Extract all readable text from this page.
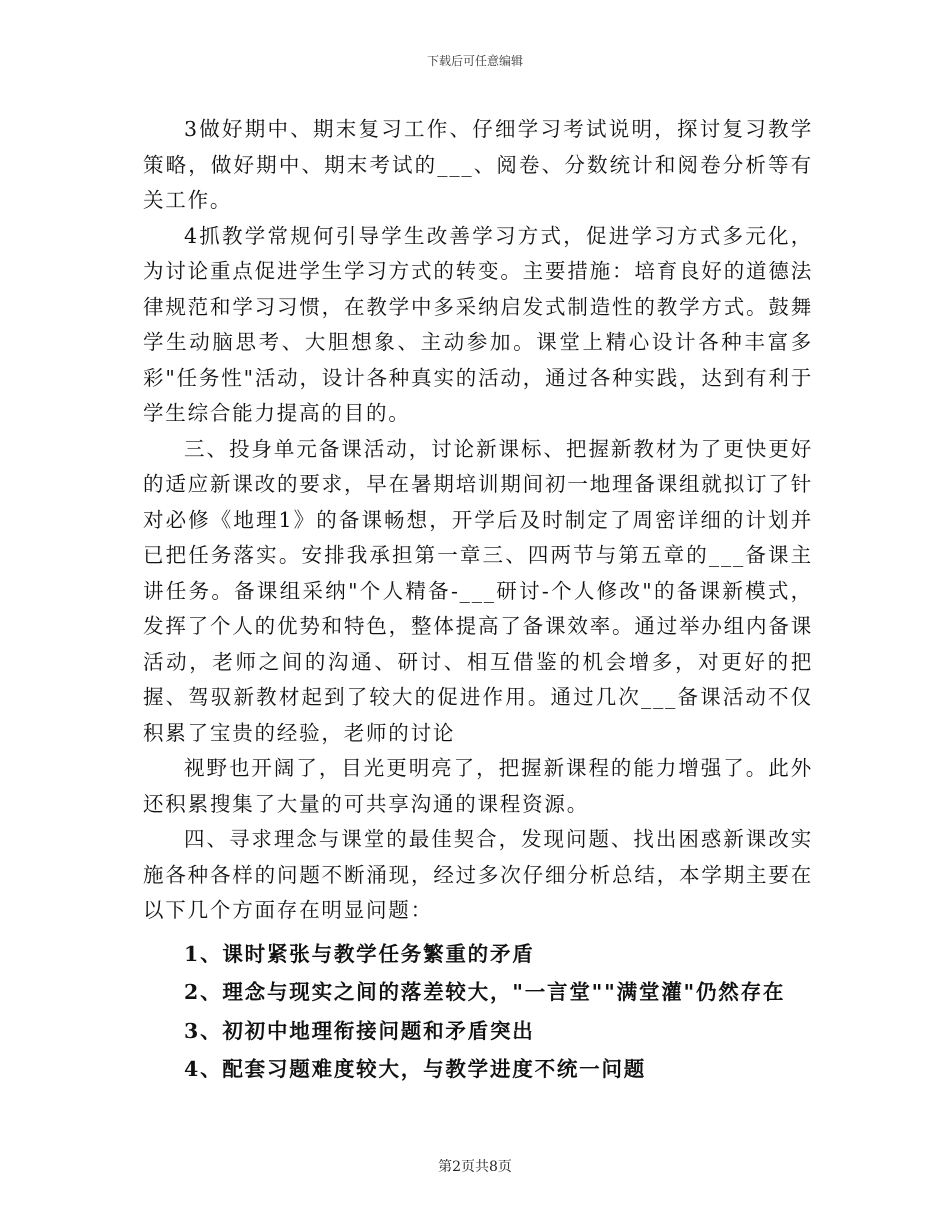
下载后可任意编辑

3做好期中、期末复习工作、仔细学习考试说明，探讨复习教学策略，做好期中、期末考试的___、阅卷、分数统计和阅卷分析等有关工作。

4抓教学常规何引导学生改善学习方式，促进学习方式多元化，为讨论重点促进学生学习方式的转变。主要措施：培育良好的道德法律规范和学习习惯，在教学中多采纳启发式制造性的教学方式。鼓舞学生动脑思考、大胆想象、主动参加。课堂上精心设计各种丰富多彩"任务性"活动，设计各种真实的活动，通过各种实践，达到有利于学生综合能力提高的目的。

三、投身单元备课活动，讨论新课标、把握新教材为了更快更好的适应新课改的要求，早在暑期培训期间初一地理备课组就拟订了针对必修《地理1》的备课畅想，开学后及时制定了周密详细的计划并已把任务落实。安排我承担第一章三、四两节与第五章的___备课主讲任务。备课组采纳"个人精备-___研讨-个人修改"的备课新模式，发挥了个人的优势和特色，整体提高了备课效率。通过举办组内备课活动，老师之间的沟通、研讨、相互借鉴的机会增多，对更好的把握、驾驭新教材起到了较大的促进作用。通过几次___备课活动不仅积累了宝贵的经验，老师的讨论

视野也开阔了，目光更明亮了，把握新课程的能力增强了。此外还积累搜集了大量的可共享沟通的课程资源。

四、寻求理念与课堂的最佳契合，发现问题、找出困惑新课改实施各种各样的问题不断涌现，经过多次仔细分析总结，本学期主要在以下几个方面存在明显问题：

1、课时紧张与教学任务繁重的矛盾

2、理念与现实之间的落差较大，"一言堂""满堂灌"仍然存在

3、初初中地理衔接问题和矛盾突出

4、配套习题难度较大，与教学进度不统一问题

第2页共8页
